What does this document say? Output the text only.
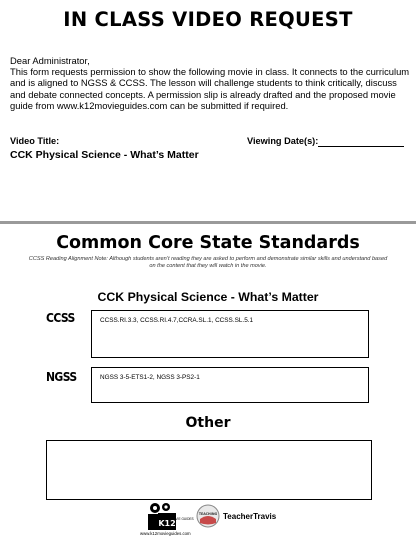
IN CLASS VIDEO REQUEST

Dear Administrator,

This form requests permission to show the following movie in class. It connects to the curriculum and is aligned to NGSS & CCSS. The lesson will challenge students to think critically, discuss and debate connected concepts. A permission slip is already drafted and the proposed movie guide from www.k12movieguides.com can be submitted if required.

Video Title:	Viewing Date(s):
CCK Physical Science - What’s Matter
Common Core State Standards
CCSS Reading Alignment Note: Although students aren’t reading they are asked to perform and demonstrate similar skills and understand based on the content that they will watch in the movie.
CCK Physical Science - What’s Matter
CCSS	CCSS.RI.3.3, CCSS.RI.4.7,CCRA.SL.1, CCSS.SL.5.1
NGSS	NGSS 3-5-ETS1-2, NGSS 3-PS2-1
Other
K12
MOVIE GUIDES
www.k12movieguides.com
TEACHING TeacherTravis
